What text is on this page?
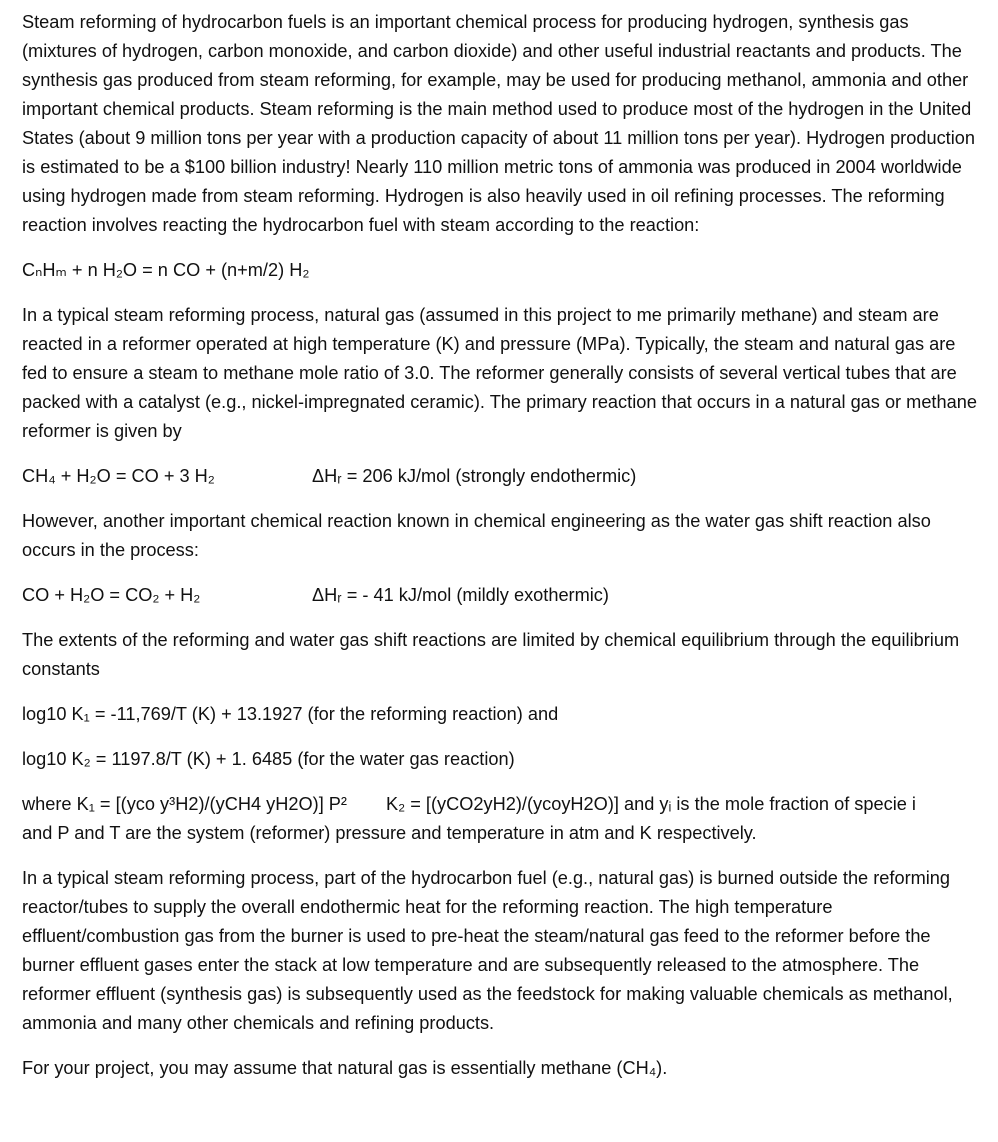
Steam reforming of hydrocarbon fuels is an important chemical process for producing hydrogen, synthesis gas (mixtures of hydrogen, carbon monoxide, and carbon dioxide) and other useful industrial reactants and products. The synthesis gas produced from steam reforming, for example, may be used for producing methanol, ammonia and other important chemical products. Steam reforming is the main method used to produce most of the hydrogen in the United States (about 9 million tons per year with a production capacity of about 11 million tons per year). Hydrogen production is estimated to be a $100 billion industry! Nearly 110 million metric tons of ammonia was produced in 2004 worldwide using hydrogen made from steam reforming. Hydrogen is also heavily used in oil refining processes. The reforming reaction involves reacting the hydrocarbon fuel with steam according to the reaction:

CₙHₘ + n H₂O = n CO + (n+m/2) H₂

In a typical steam reforming process, natural gas (assumed in this project to me primarily methane) and steam are reacted in a reformer operated at high temperature (K) and pressure (MPa). Typically, the steam and natural gas are fed to ensure a steam to methane mole ratio of 3.0. The reformer generally consists of several vertical tubes that are packed with a catalyst (e.g., nickel-impregnated ceramic). The primary reaction that occurs in a natural gas or methane reformer is given by

CH₄ + H₂O = CO + 3 H₂	ΔHᵣ = 206 kJ/mol (strongly endothermic)

However, another important chemical reaction known in chemical engineering as the water gas shift reaction also occurs in the process:

CO + H₂O = CO₂ + H₂	ΔHᵣ = - 41 kJ/mol (mildly exothermic)

The extents of the reforming and water gas shift reactions are limited by chemical equilibrium through the equilibrium constants

log10 K₁ = -11,769/T (K) + 13.1927 (for the reforming reaction) and

log10 K₂ = 1197.8/T (K) + 1. 6485 (for the water gas reaction)

where K₁ = [(yco y³H2)/(yCH4 yH2O)] P² K₂ = [(yCO2yH2)/(ycoyH2O)] and yᵢ is the mole fraction of specie i
and P and T are the system (reformer) pressure and temperature in atm and K respectively.

In a typical steam reforming process, part of the hydrocarbon fuel (e.g., natural gas) is burned outside the reforming reactor/tubes to supply the overall endothermic heat for the reforming reaction. The high temperature effluent/combustion gas from the burner is used to pre-heat the steam/natural gas feed to the reformer before the burner effluent gases enter the stack at low temperature and are subsequently released to the atmosphere. The reformer effluent (synthesis gas) is subsequently used as the feedstock for making valuable chemicals as methanol, ammonia and many other chemicals and refining products.

For your project, you may assume that natural gas is essentially methane (CH₄).
